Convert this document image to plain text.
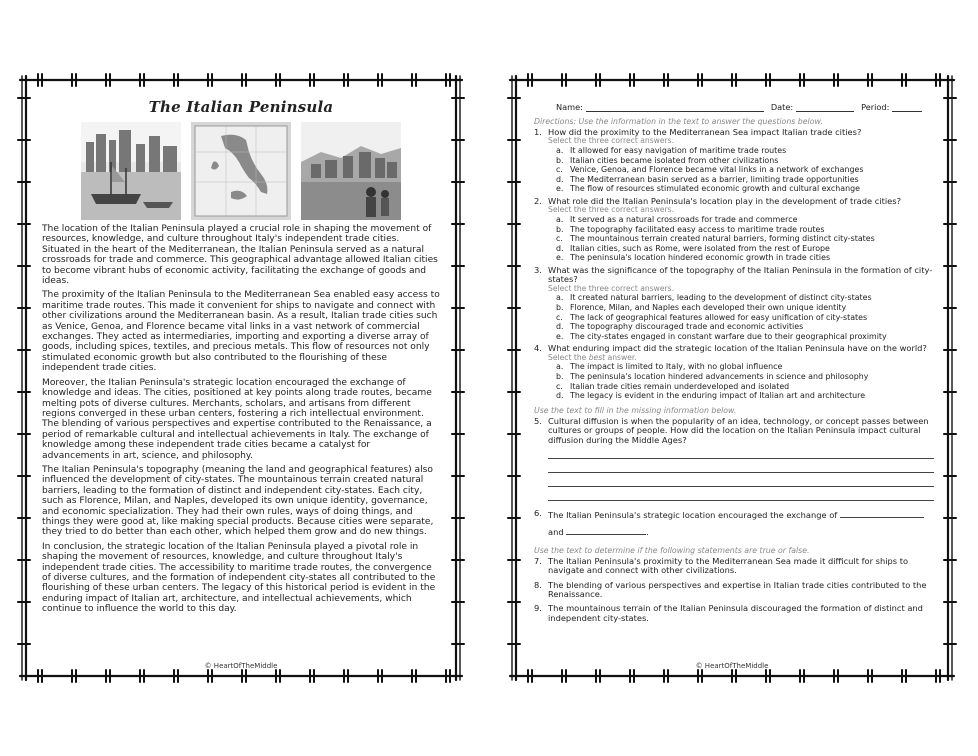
The Italian Peninsula

The location of the Italian Peninsula played a crucial role in shaping the movement of resources, knowledge, and culture throughout Italy's independent trade cities. Situated in the heart of the Mediterranean, the Italian Peninsula served as a natural crossroads for trade and commerce. This geographical advantage allowed Italian cities to become vibrant hubs of economic activity, facilitating the exchange of goods and ideas.

The proximity of the Italian Peninsula to the Mediterranean Sea enabled easy access to maritime trade routes. This made it convenient for ships to navigate and connect with other civilizations around the Mediterranean basin. As a result, Italian trade cities such as Venice, Genoa, and Florence became vital links in a vast network of commercial exchanges. They acted as intermediaries, importing and exporting a diverse array of goods, including spices, textiles, and precious metals. This flow of resources not only stimulated economic growth but also contributed to the flourishing of these independent trade cities.

Moreover, the Italian Peninsula's strategic location encouraged the exchange of knowledge and ideas. The cities, positioned at key points along trade routes, became melting pots of diverse cultures. Merchants, scholars, and artisans from different regions converged in these urban centers, fostering a rich intellectual environment. The blending of various perspectives and expertise contributed to the Renaissance, a period of remarkable cultural and intellectual achievements in Italy. The exchange of knowledge among these independent trade cities became a catalyst for advancements in art, science, and philosophy.

The Italian Peninsula's topography (meaning the land and geographical features) also influenced the development of city-states. The mountainous terrain created natural barriers, leading to the formation of distinct and independent city-states. Each city, such as Florence, Milan, and Naples, developed its own unique identity, governance, and economic specialization. They had their own rules, ways of doing things, and things they were good at, like making special products. Because cities were separate, they tried to do better than each other, which helped them grow and do new things.

In conclusion, the strategic location of the Italian Peninsula played a pivotal role in shaping the movement of resources, knowledge, and culture throughout Italy's independent trade cities. The accessibility to maritime trade routes, the convergence of diverse cultures, and the formation of independent city-states all contributed to the flourishing of these urban centers. The legacy of this historical period is evident in the enduring impact of Italian art, architecture, and intellectual achievements, which continue to influence the world to this day.

© HeartOfTheMiddle
Name:	Date:	Period:
Directions: Use the information in the text to answer the questions below.
1. How did the proximity to the Mediterranean Sea impact Italian trade cities?
Select the three correct answers.
a. It allowed for easy navigation of maritime trade routes
b. Italian cities became isolated from other civilizations
c. Venice, Genoa, and Florence became vital links in a network of exchanges
d. The Mediterranean basin served as a barrier, limiting trade opportunities
e. The flow of resources stimulated economic growth and cultural exchange
2. What role did the Italian Peninsula's location play in the development of trade cities?
Select the three correct answers.
a. It served as a natural crossroads for trade and commerce
b. The topography facilitated easy access to maritime trade routes
c. The mountainous terrain created natural barriers, forming distinct city-states
d. Italian cities, such as Rome, were isolated from the rest of Europe
e. The peninsula's location hindered economic growth in trade cities
3. What was the significance of the topography of the Italian Peninsula in the formation of city-states?
Select the three correct answers.
a. It created natural barriers, leading to the development of distinct city-states
b. Florence, Milan, and Naples each developed their own unique identity
c. The lack of geographical features allowed for easy unification of city-states
d. The topography discouraged trade and economic activities
e. The city-states engaged in constant warfare due to their geographical proximity
4. What enduring impact did the strategic location of the Italian Peninsula have on the world?
Select the best answer.
a. The impact is limited to Italy, with no global influence
b. The peninsula's location hindered advancements in science and philosophy
c. Italian trade cities remain underdeveloped and isolated
d. The legacy is evident in the enduring impact of Italian art and architecture
Use the text to fill in the missing information below.
5. Cultural diffusion is when the popularity of an idea, technology, or concept passes between cultures or groups of people. How did the location on the Italian Peninsula impact cultural diffusion during the Middle Ages?
6. The Italian Peninsula's strategic location encouraged the exchange of
and	.
Use the text to determine if the following statements are true or false.
7. The Italian Peninsula's proximity to the Mediterranean Sea made it difficult for ships to navigate and connect with other civilizations.
8. The blending of various perspectives and expertise in Italian trade cities contributed to the Renaissance.
9. The mountainous terrain of the Italian Peninsula discouraged the formation of distinct and independent city-states.
© HeartOfTheMiddle
